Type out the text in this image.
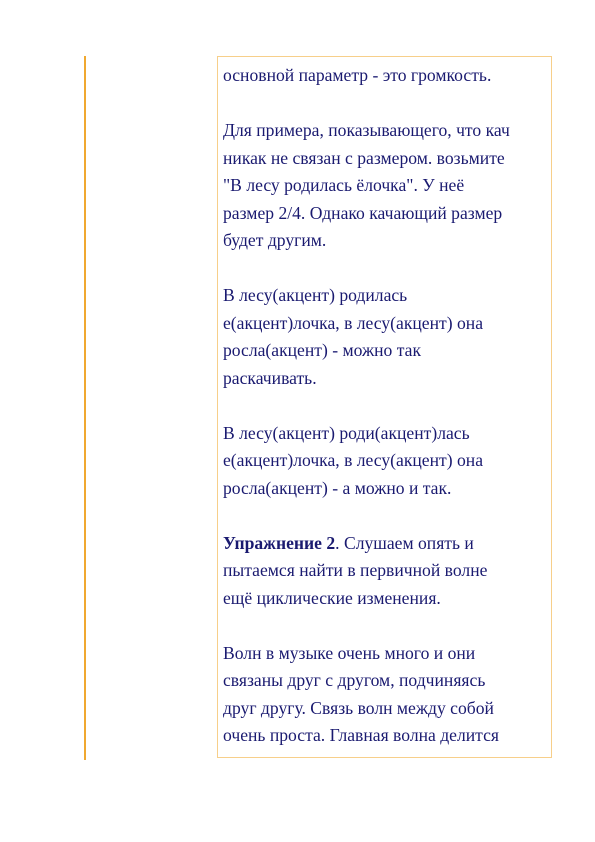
основной параметр - это громкость.
Для примера, показывающего, что кач
никак не связан с размером. возьмите
"В лесу родилась ёлочка". У неё
размер 2/4. Однако качающий размер
будет другим.
В лесу(акцент) родилась
е(акцент)лочка, в лесу(акцент) она
росла(акцент) - можно так
раскачивать.
В лесу(акцент) роди(акцент)лась
е(акцент)лочка, в лесу(акцент) она
росла(акцент) - а можно и так.
Упражнение 2. Слушаем опять и
пытаемся найти в первичной волне
ещё циклические изменения.
Волн в музыке очень много и они
связаны друг с другом, подчиняясь
друг другу. Связь волн между собой
очень проста. Главная волна делится
